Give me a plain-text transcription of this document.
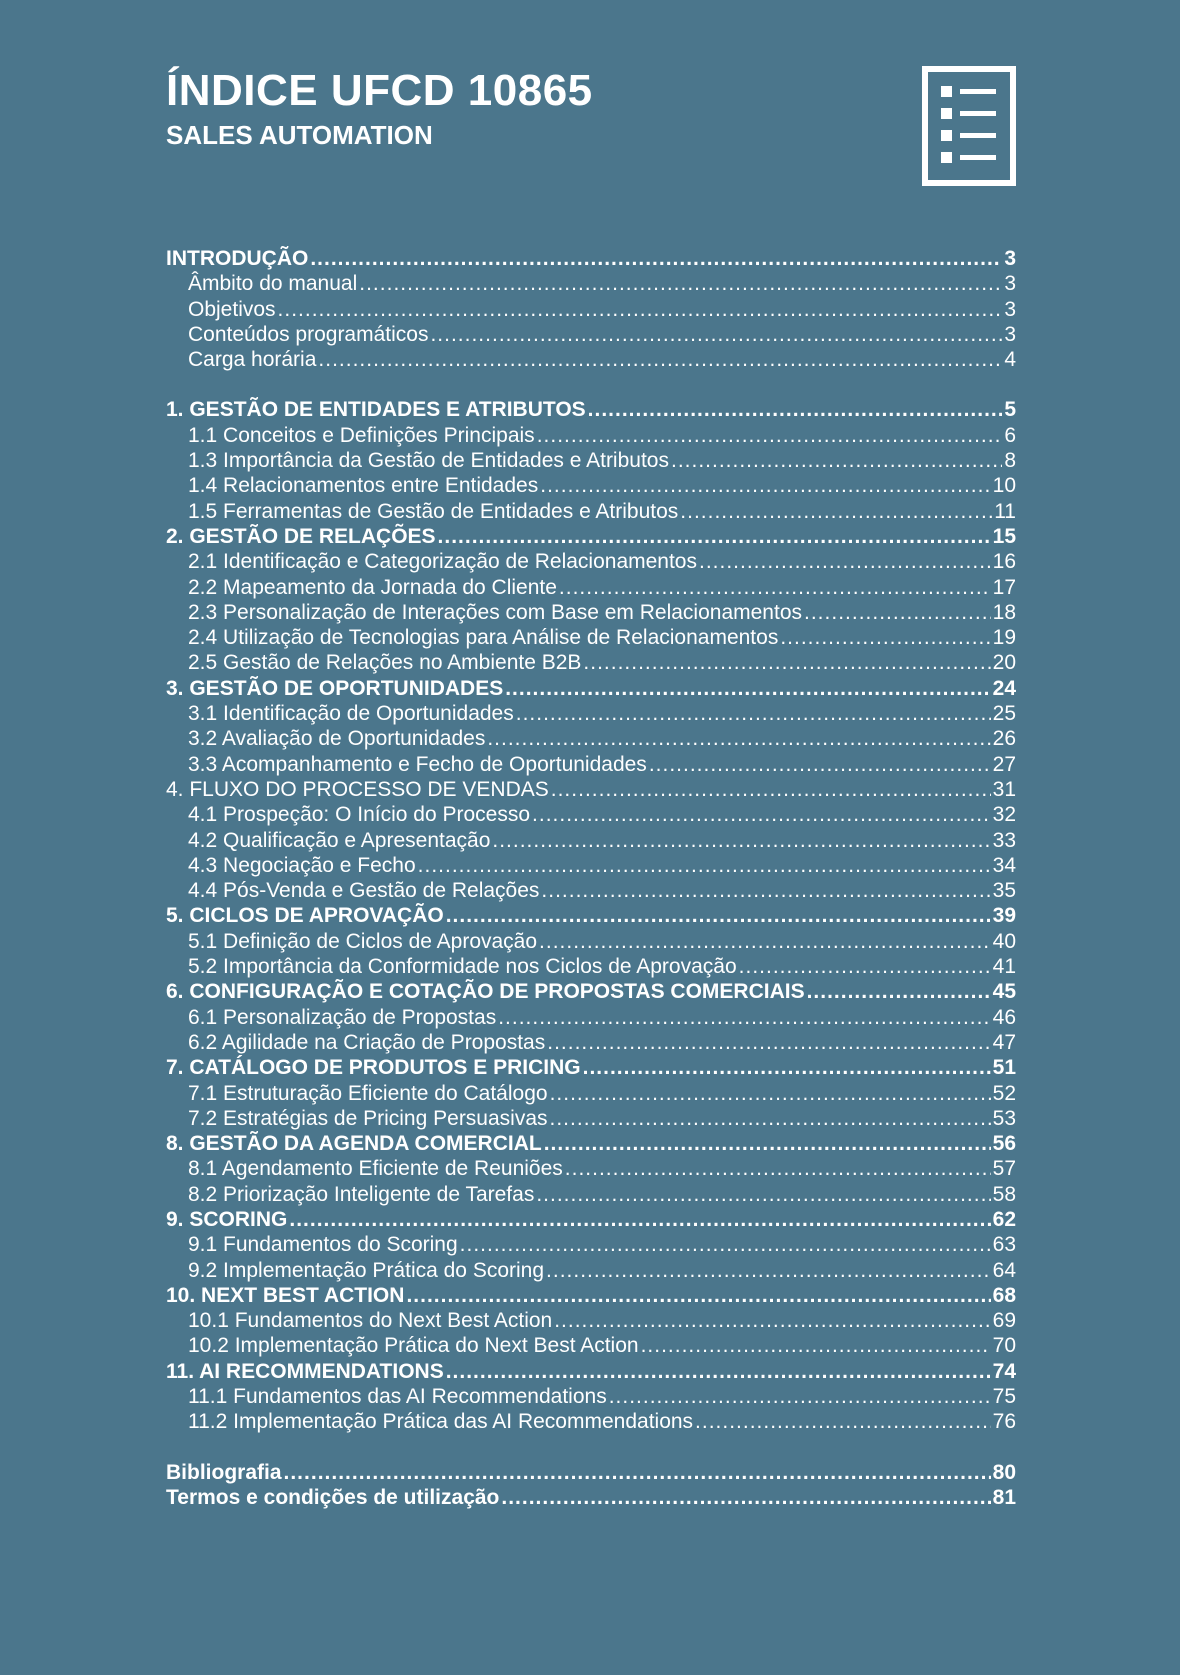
ÍNDICE UFCD 10865
SALES AUTOMATION
INTRODUÇÃO .....	3
Âmbito do manual .....	3
Objetivos .....	3
Conteúdos programáticos .....	3
Carga horária .....	4
1. GESTÃO DE ENTIDADES E ATRIBUTOS .....	5
1.1 Conceitos e Definições Principais .....	6
1.3 Importância da Gestão de Entidades e Atributos .....	8
1.4 Relacionamentos entre Entidades .....	10
1.5 Ferramentas de Gestão de Entidades e Atributos .....	11
2. GESTÃO DE RELAÇÕES .....	15
2.1 Identificação e Categorização de Relacionamentos .....	16
2.2 Mapeamento da Jornada do Cliente .....	17
2.3 Personalização de Interações com Base em Relacionamentos .....	18
2.4 Utilização de Tecnologias para Análise de Relacionamentos .....	19
2.5 Gestão de Relações no Ambiente B2B .....	20
3. GESTÃO DE OPORTUNIDADES .....	24
3.1 Identificação de Oportunidades .....	25
3.2 Avaliação de Oportunidades .....	26
3.3 Acompanhamento e Fecho de Oportunidades .....	27
4. FLUXO DO PROCESSO DE VENDAS .....	31
4.1 Prospeção: O Início do Processo .....	32
4.2 Qualificação e Apresentação .....	33
4.3 Negociação e Fecho .....	34
4.4 Pós-Venda e Gestão de Relações .....	35
5. CICLOS DE APROVAÇÃO .....	39
5.1 Definição de Ciclos de Aprovação .....	40
5.2 Importância da Conformidade nos Ciclos de Aprovação .....	41
6. CONFIGURAÇÃO E COTAÇÃO DE PROPOSTAS COMERCIAIS .....	45
6.1 Personalização de Propostas .....	46
6.2 Agilidade na Criação de Propostas .....	47
7. CATÁLOGO DE PRODUTOS E PRICING .....	51
7.1 Estruturação Eficiente do Catálogo .....	52
7.2 Estratégias de Pricing Persuasivas .....	53
8. GESTÃO DA AGENDA COMERCIAL .....	56
8.1 Agendamento Eficiente de Reuniões .....	57
8.2 Priorização Inteligente de Tarefas .....	58
9. SCORING .....	62
9.1 Fundamentos do Scoring .....	63
9.2 Implementação Prática do Scoring .....	64
10. NEXT BEST ACTION .....	68
10.1 Fundamentos do Next Best Action .....	69
10.2 Implementação Prática do Next Best Action .....	70
11. AI RECOMMENDATIONS .....	74
11.1 Fundamentos das AI Recommendations .....	75
11.2 Implementação Prática das AI Recommendations .....	76
Bibliografia .....	80
Termos e condições de utilização .....	81
